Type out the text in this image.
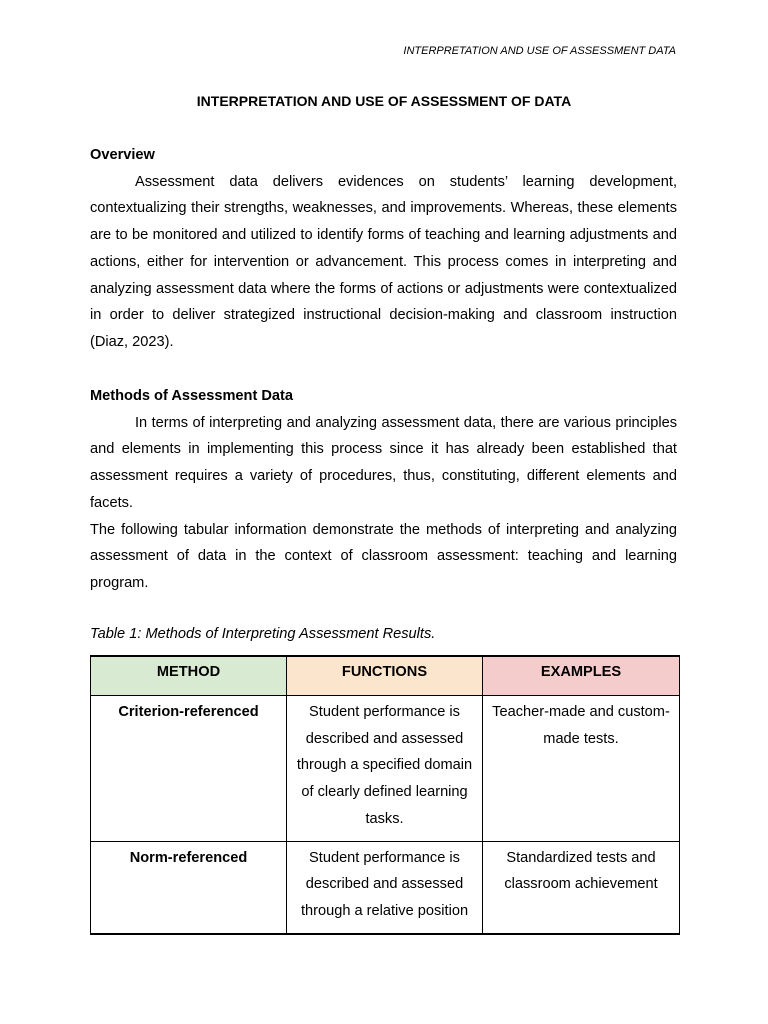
INTERPRETATION AND USE OF ASSESSMENT DATA
INTERPRETATION AND USE OF ASSESSMENT OF DATA

Overview

Assessment data delivers evidences on students’ learning development, contextualizing their strengths, weaknesses, and improvements. Whereas, these elements are to be monitored and utilized to identify forms of teaching and learning adjustments and actions, either for intervention or advancement. This process comes in interpreting and analyzing assessment data where the forms of actions or adjustments were contextualized in order to deliver strategized instructional decision-making and classroom instruction (Diaz, 2023).

Methods of Assessment Data

In terms of interpreting and analyzing assessment data, there are various principles and elements in implementing this process since it has already been established that assessment requires a variety of procedures, thus, constituting, different elements and facets.

The following tabular information demonstrate the methods of interpreting and analyzing assessment of data in the context of classroom assessment: teaching and learning program.

Table 1: Methods of Interpreting Assessment Results.
METHOD	FUNCTIONS	EXAMPLES
Criterion-referenced	Student performance is described and assessed through a specified domain of clearly defined learning tasks.	Teacher-made and custom-made tests.
Norm-referenced	Student performance is described and assessed through a relative position	Standardized tests and classroom achievement
